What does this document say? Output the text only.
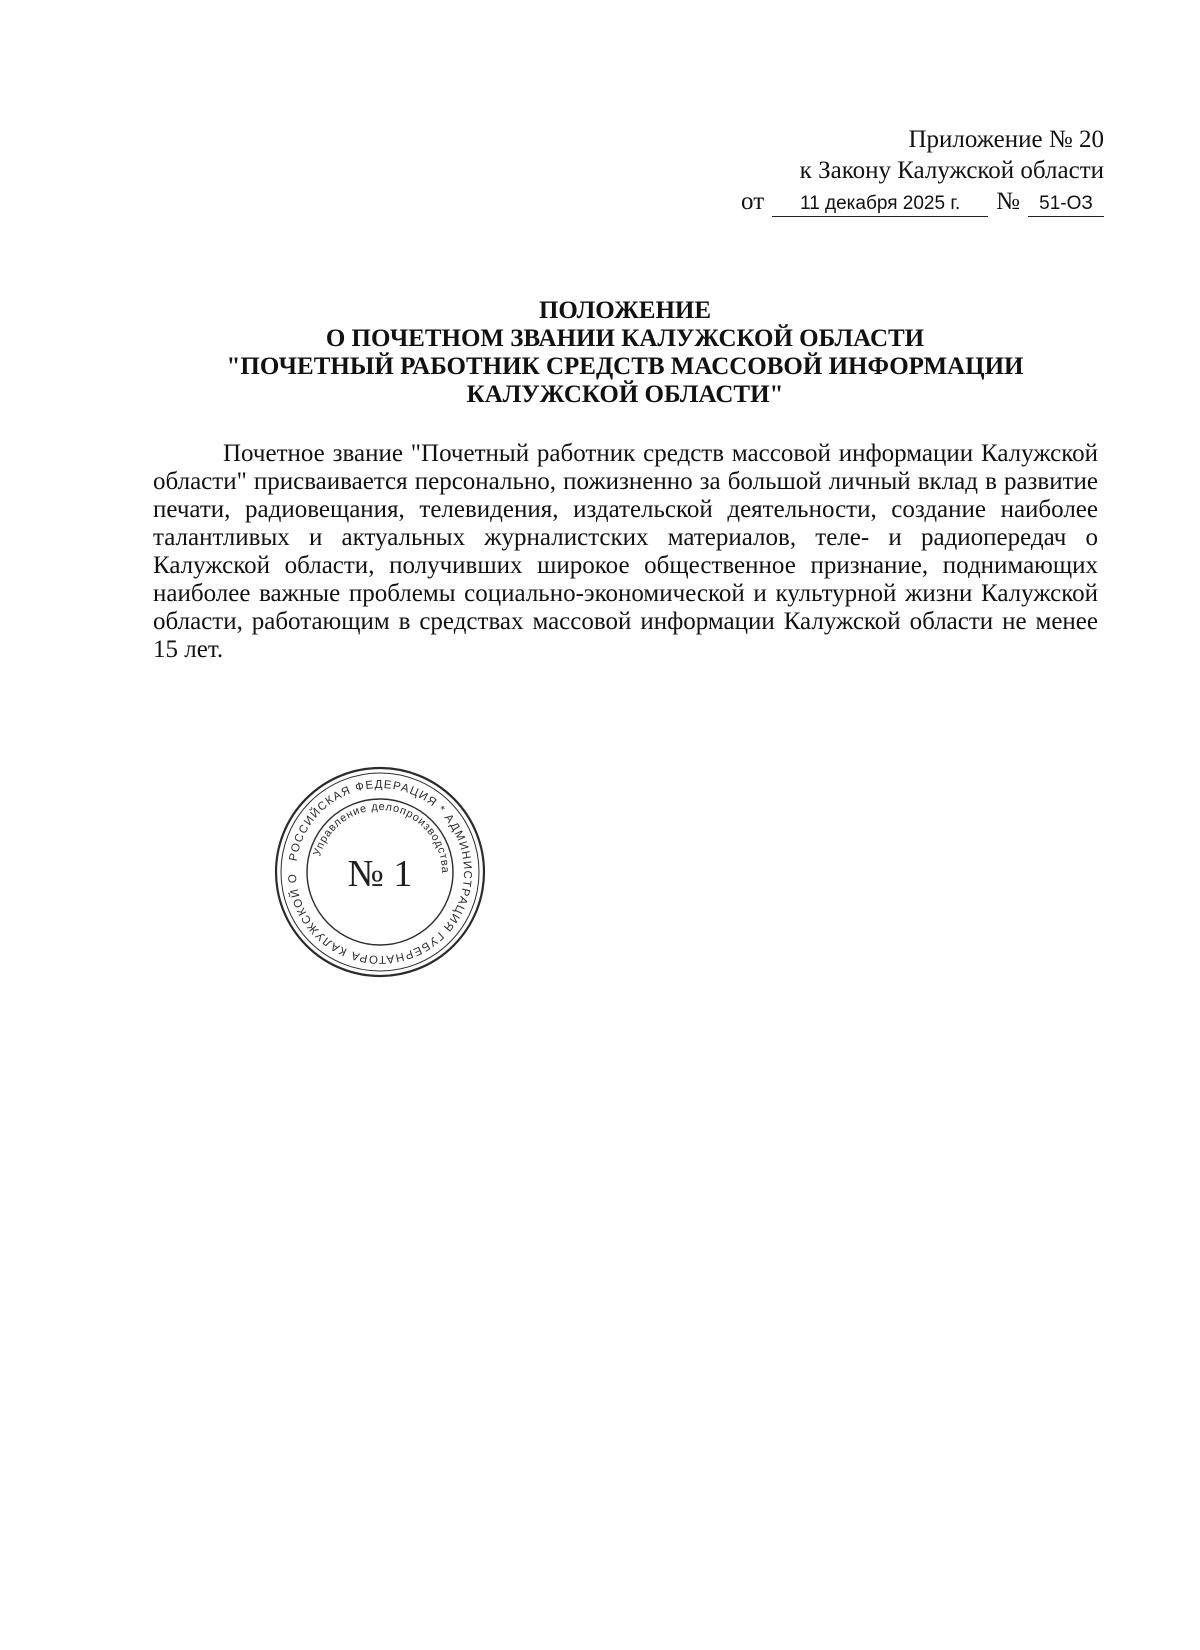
Приложение № 20
к Закону Калужской области
от	11 декабря 2025 г.	№	51-ОЗ
ПОЛОЖЕНИЕ
О ПОЧЕТНОМ ЗВАНИИ КАЛУЖСКОЙ ОБЛАСТИ
"ПОЧЕТНЫЙ РАБОТНИК СРЕДСТВ МАССОВОЙ ИНФОРМАЦИИ
КАЛУЖСКОЙ ОБЛАСТИ"

Почетное звание "Почетный работник средств массовой информации Калужской области" присваивается персонально, пожизненно за большой личный вклад в развитие печати, радиовещания, телевидения, издательской деятельности, создание наиболее талантливых и актуальных журналистских материалов, теле- и радиопередач о Калужской области, получивших широкое общественное признание, поднимающих наиболее важные проблемы социально-экономической и культурной жизни Калужской области, работающим в средствах массовой информации Калужской области не менее 15 лет.

РОССИЙСКАЯ ФЕДЕРАЦИЯ * АДМИНИСТРАЦИЯ ГУБЕРНАТОРА КАЛУЖСКОЙ О
Управление делопроизводства
№ 1
